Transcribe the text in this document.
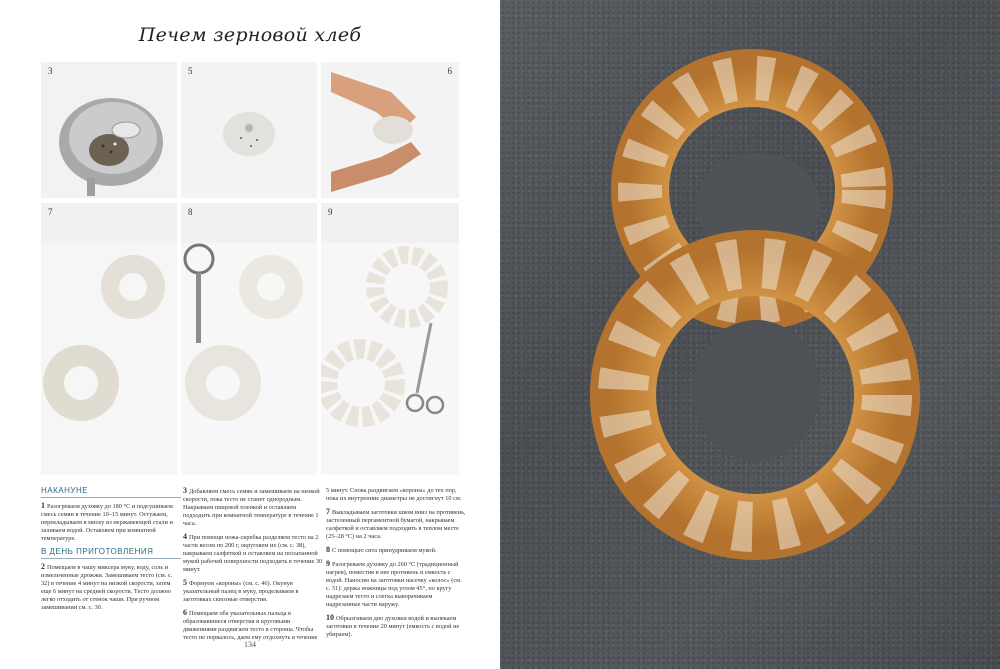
Печем зерновой хлеб
3	5	6
7	8	9
НАКАНУНЕ

1 Разогреваем духовку до 180 °С и подсушиваем смесь семян в течение 10–15 минут. Остужаем, перекладываем в миску из нержавеющей стали и заливаем водой. Оставляем при комнатной температуре.

В ДЕНЬ ПРИГОТОВЛЕНИЯ

2 Помещаем в чашу миксера муку, воду, соль и измельченные дрожжи. Замешиваем тесто (см. с. 32) в течение 4 минут на низкой скорости, затем еще 6 минут на средней скорости. Тесто должно легко отходить от стенок чаши. При ручном замешивании см. с. 30.

3 Добавляем смесь семян и замешиваем на низкой скорости, пока тесто не станет однородным. Накрываем пищевой пленкой и оставляем подходить при комнатной температуре в течение 1 часа.

4 При помощи ножа-скребка разделяем тесто на 2 части весом по 200 г, округляем их (см. с. 38), накрываем салфеткой и оставляем на посыпанной мукой рабочей поверхности подходить в течение 30 минут.

5 Формуем «короны» (см. с. 46). Окунув указательный палец в муку, проделываем в заготовках сквозные отверстия.

6 Помещаем оба указательных пальца в образовавшиеся отверстия и круговыми движениями раздвигаем тесто в стороны. Чтобы тесто не порвалось, даем ему отдохнуть в течение

5 минут. Снова раздвигаем «короны» до тех пор, пока их внутренние диаметры не достигнут 10 см.

7 Выкладываем заготовки швом вниз на противень, застеленный пергаментной бумагой, накрываем салфеткой и оставляем подходить в теплом месте (25–28 °С) на 2 часа.

8 С помощью сита припудриваем мукой.

9 Разогреваем духовку до 260 °С (традиционный нагрев), поместив в нее противень и емкость с водой. Наносим на заготовки насечку «колос» (см. с. 51): держа ножницы под углом 45°, по кругу надрезаем тесто и слегка выворачиваем надрезанные части наружу.

10 Обрызгиваем дно духовки водой и выпекаем заготовки в течение 20 минут (емкость с водой не убираем).

134
